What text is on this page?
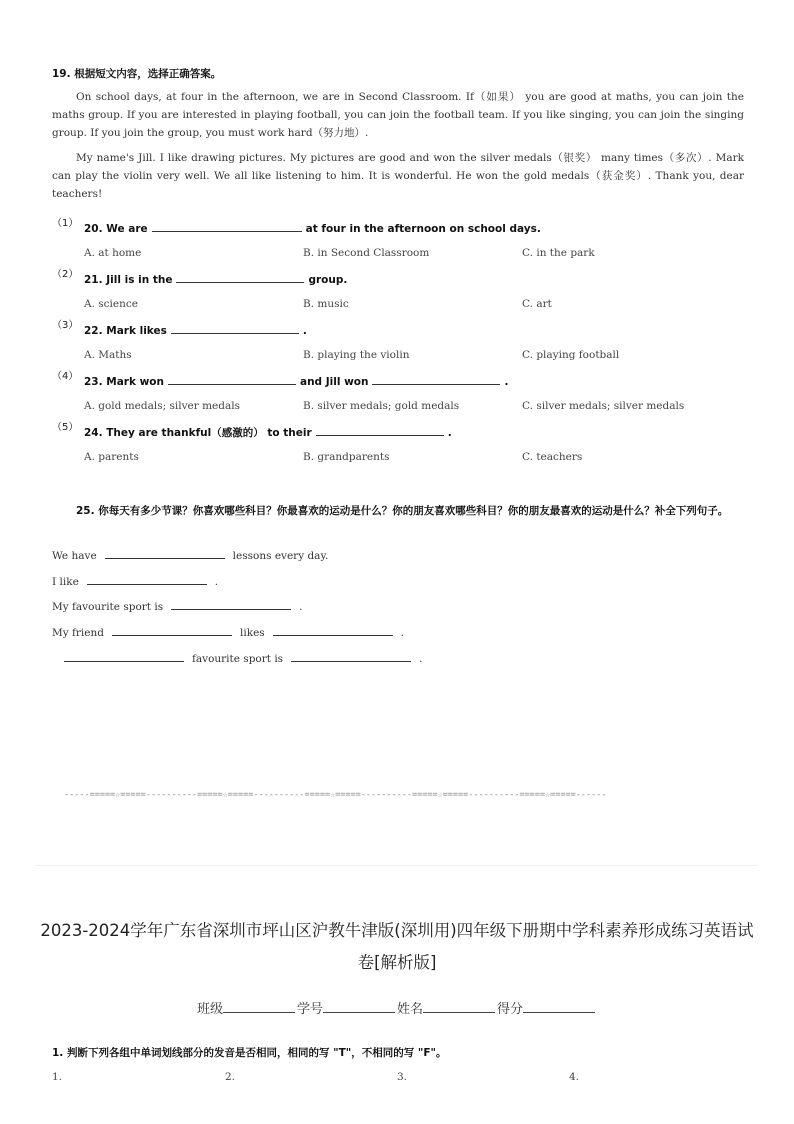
19. 根据短文内容，选择正确答案。
On school days, at four in the afternoon, we are in Second Classroom. If（如果） you are good at maths, you can join the maths group. If you are interested in playing football, you can join the football team. If you like singing, you can join the singing group. If you join the group, you must work hard（努力地）.
My name's Jill. I like drawing pictures. My pictures are good and won the silver medals（银奖） many times（多次）. Mark can play the violin very well. We all like listening to him. It is wonderful. He won the gold medals（获金奖）. Thank you, dear teachers!
（1） 20. We are	at four in the afternoon on school days.
A. at home	B. in Second Classroom	C. in the park
（2） 21. Jill is in the	group.
A. science	B. music	C. art
（3） 22. Mark likes	.
A. Maths	B. playing the violin	C. playing football
（4） 23. Mark won	and Jill won	.
A. gold medals; silver medals	B. silver medals; gold medals	C. silver medals; silver medals
（5） 24. They are thankful（感激的） to their	.
A. parents	B. grandparents	C. teachers
25. 你每天有多少节课？你喜欢哪些科目？你最喜欢的运动是什么？你的朋友喜欢哪些科目？你的朋友最喜欢的运动是什么？补全下列句子。
We have	lessons every day.
I like	.
My favourite sport is	.
My friend	likes	.
favourite sport is	.
-----=====☆=====----------=====☆=====----------=====☆=====----------=====☆=====----------=====☆=====------
2023-2024学年广东省深圳市坪山区沪教牛津版(深圳用)四年级下册期中学科素养形成练习英语试卷[解析版]
班级	学号	姓名	得分
1. 判断下列各组中单词划线部分的发音是否相同，相同的写 "T"，不相同的写 "F"。
1.	2.	3.	4.
